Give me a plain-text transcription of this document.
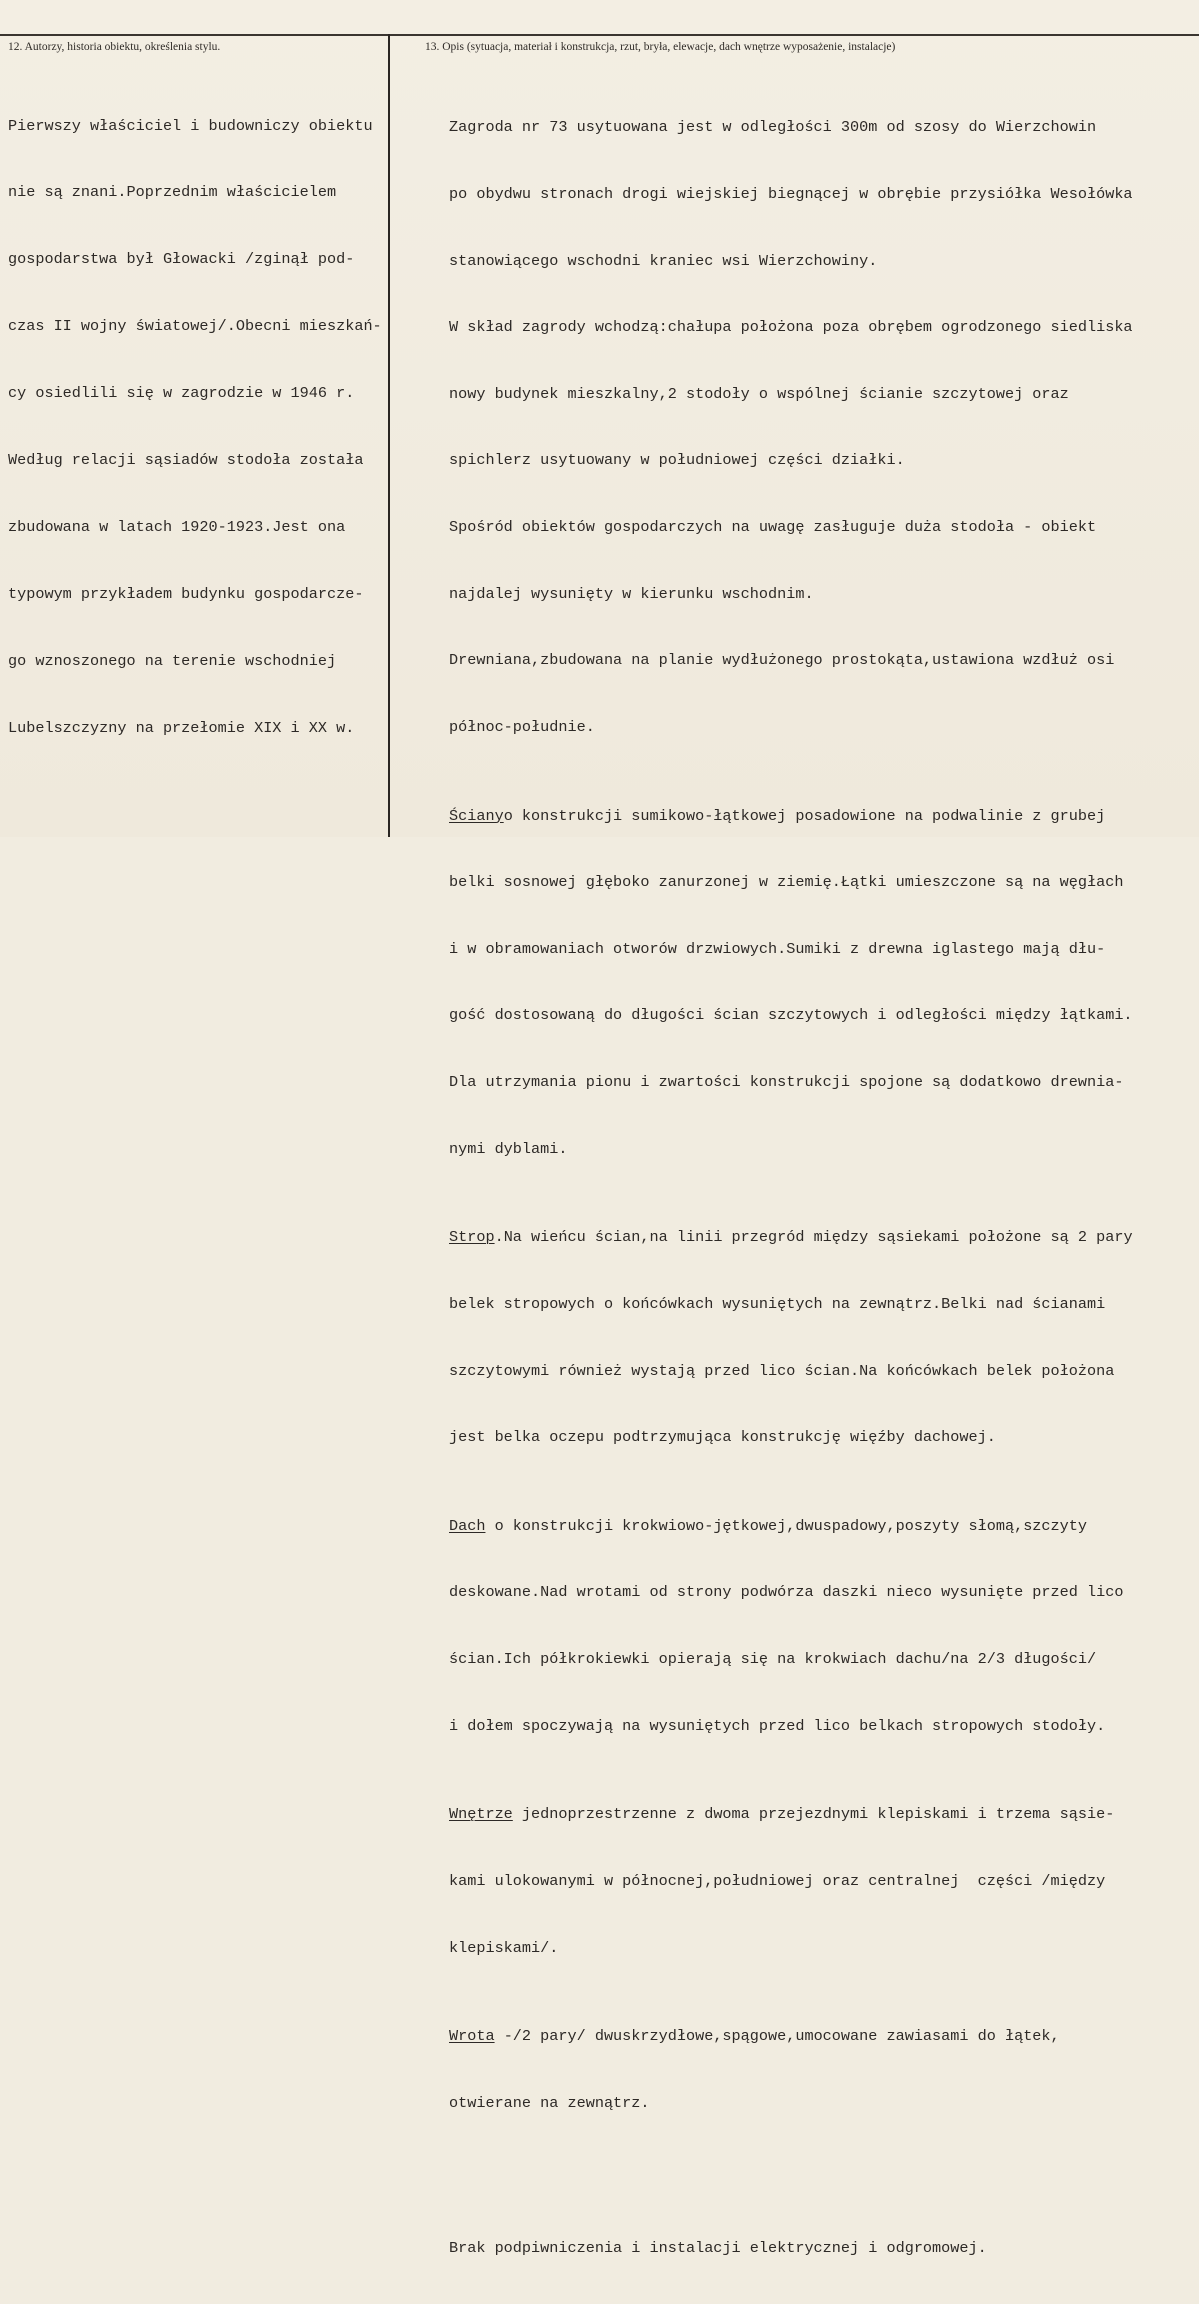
12. Autorzy, historia obiektu, określenia stylu.	13. Opis (sytuacja, materiał i konstrukcja, rzut, bryła, elewacje, dach wnętrze wyposażenie, instalacje)

Pierwszy właściciel i budowniczy obiektu

nie są znani.Poprzednim właścicielem

gospodarstwa był Głowacki /zginął pod-

czas II wojny światowej/.Obecni mieszkań-

cy osiedlili się w zagrodzie w 1946 r.

Według relacji sąsiadów stodoła została

zbudowana w latach 1920-1923.Jest ona

typowym przykładem budynku gospodarcze-

go wznoszonego na terenie wschodniej

Lubelszczyzny na przełomie XIX i XX w.

Zagroda nr 73 usytuowana jest w odległości 300m od szosy do Wierzchowin

po obydwu stronach drogi wiejskiej biegnącej w obrębie przysiółka Wesołówka

stanowiącego wschodni kraniec wsi Wierzchowiny.

W skład zagrody wchodzą:chałupa położona poza obrębem ogrodzonego siedliska

nowy budynek mieszkalny,2 stodoły o wspólnej ścianie szczytowej oraz

spichlerz usytuowany w południowej części działki.

Spośród obiektów gospodarczych na uwagę zasługuje duża stodoła - obiekt

najdalej wysunięty w kierunku wschodnim.

Drewniana,zbudowana na planie wydłużonego prostokąta,ustawiona wzdłuż osi

północ-południe.

Ścianyo konstrukcji sumikowo-łątkowej posadowione na podwalinie z grubej

belki sosnowej głęboko zanurzonej w ziemię.Łątki umieszczone są na węgłach

i w obramowaniach otworów drzwiowych.Sumiki z drewna iglastego mają dłu-

gość dostosowaną do długości ścian szczytowych i odległości między łątkami.

Dla utrzymania pionu i zwartości konstrukcji spojone są dodatkowo drewnia-

nymi dyblami.

Strop.Na wieńcu ścian,na linii przegród między sąsiekami położone są 2 pary

belek stropowych o końcówkach wysuniętych na zewnątrz.Belki nad ścianami

szczytowymi również wystają przed lico ścian.Na końcówkach belek położona

jest belka oczepu podtrzymująca konstrukcję więźby dachowej.

Dach o konstrukcji krokwiowo-jętkowej,dwuspadowy,poszyty słomą,szczyty

deskowane.Nad wrotami od strony podwórza daszki nieco wysunięte przed lico

ścian.Ich półkrokiewki opierają się na krokwiach dachu/na 2/3 długości/

i dołem spoczywają na wysuniętych przed lico belkach stropowych stodoły.

Wnętrze jednoprzestrzenne z dwoma przejezdnymi klepiskami i trzema sąsie-

kami ulokowanymi w północnej,południowej oraz centralnej  części /między

klepiskami/.

Wrota -/2 pary/ dwuskrzydłowe,spągowe,umocowane zawiasami do łątek,

otwierane na zewnątrz.

Brak podpiwniczenia i instalacji elektrycznej i odgromowej.
